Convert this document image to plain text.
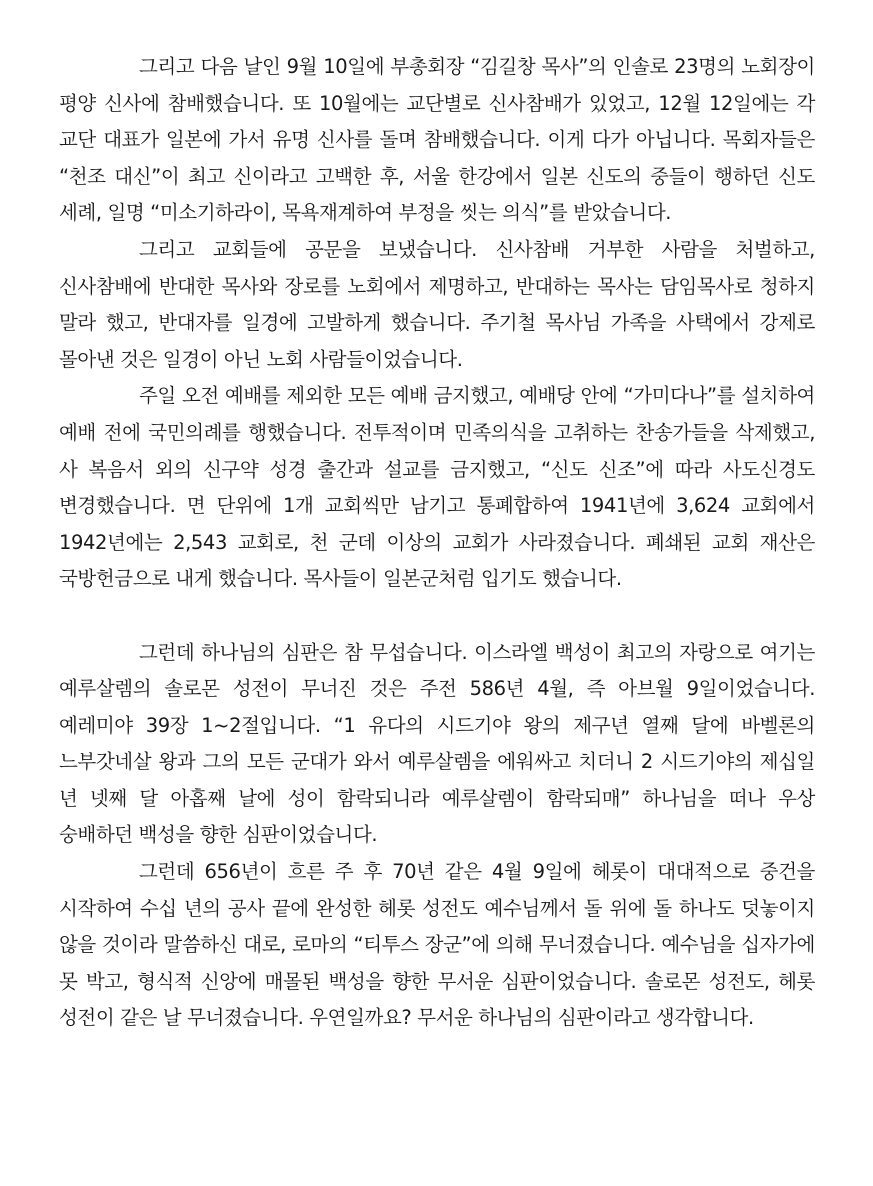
그리고 다음 날인 9월 10일에 부총회장 “김길창 목사”의 인솔로 23명의 노회장이 평양 신사에 참배했습니다. 또 10월에는 교단별로 신사참배가 있었고, 12월 12일에는 각 교단 대표가 일본에 가서 유명 신사를 돌며 참배했습니다. 이게 다가 아닙니다. 목회자들은 “천조 대신”이 최고 신이라고 고백한 후, 서울 한강에서 일본 신도의 중들이 행하던 신도 세례, 일명 “미소기하라이, 목욕재계하여 부정을 씻는 의식”를 받았습니다.

그리고 교회들에 공문을 보냈습니다. 신사참배 거부한 사람을 처벌하고, 신사참배에 반대한 목사와 장로를 노회에서 제명하고, 반대하는 목사는 담임목사로 청하지 말라 했고, 반대자를 일경에 고발하게 했습니다. 주기철 목사님 가족을 사택에서 강제로 몰아낸 것은 일경이 아닌 노회 사람들이었습니다.

주일 오전 예배를 제외한 모든 예배 금지했고, 예배당 안에 “가미다나”를 설치하여 예배 전에 국민의례를 행했습니다. 전투적이며 민족의식을 고취하는 찬송가들을 삭제했고, 사 복음서 외의 신구약 성경 출간과 설교를 금지했고, “신도 신조”에 따라 사도신경도 변경했습니다. 면 단위에 1개 교회씩만 남기고 통폐합하여 1941년에 3,624 교회에서 1942년에는 2,543 교회로, 천 군데 이상의 교회가 사라졌습니다. 폐쇄된 교회 재산은 국방헌금으로 내게 했습니다. 목사들이 일본군처럼 입기도 했습니다.

그런데 하나님의 심판은 참 무섭습니다. 이스라엘 백성이 최고의 자랑으로 여기는 예루살렘의 솔로몬 성전이 무너진 것은 주전 586년 4월, 즉 아브월 9일이었습니다. 예레미야 39장 1~2절입니다. “1 유다의 시드기야 왕의 제구년 열째 달에 바벨론의 느부갓네살 왕과 그의 모든 군대가 와서 예루살렘을 에워싸고 치더니 2 시드기야의 제십일 년 넷째 달 아홉째 날에 성이 함락되니라 예루살렘이 함락되매” 하나님을 떠나 우상 숭배하던 백성을 향한 심판이었습니다.

그런데 656년이 흐른 주 후 70년 같은 4월 9일에 헤롯이 대대적으로 중건을 시작하여 수십 년의 공사 끝에 완성한 헤롯 성전도 예수님께서 돌 위에 돌 하나도 덧놓이지 않을 것이라 말씀하신 대로, 로마의 “티투스 장군”에 의해 무너졌습니다. 예수님을 십자가에 못 박고, 형식적 신앙에 매몰된 백성을 향한 무서운 심판이었습니다. 솔로몬 성전도, 헤롯 성전이 같은 날 무너졌습니다. 우연일까요? 무서운 하나님의 심판이라고 생각합니다.
